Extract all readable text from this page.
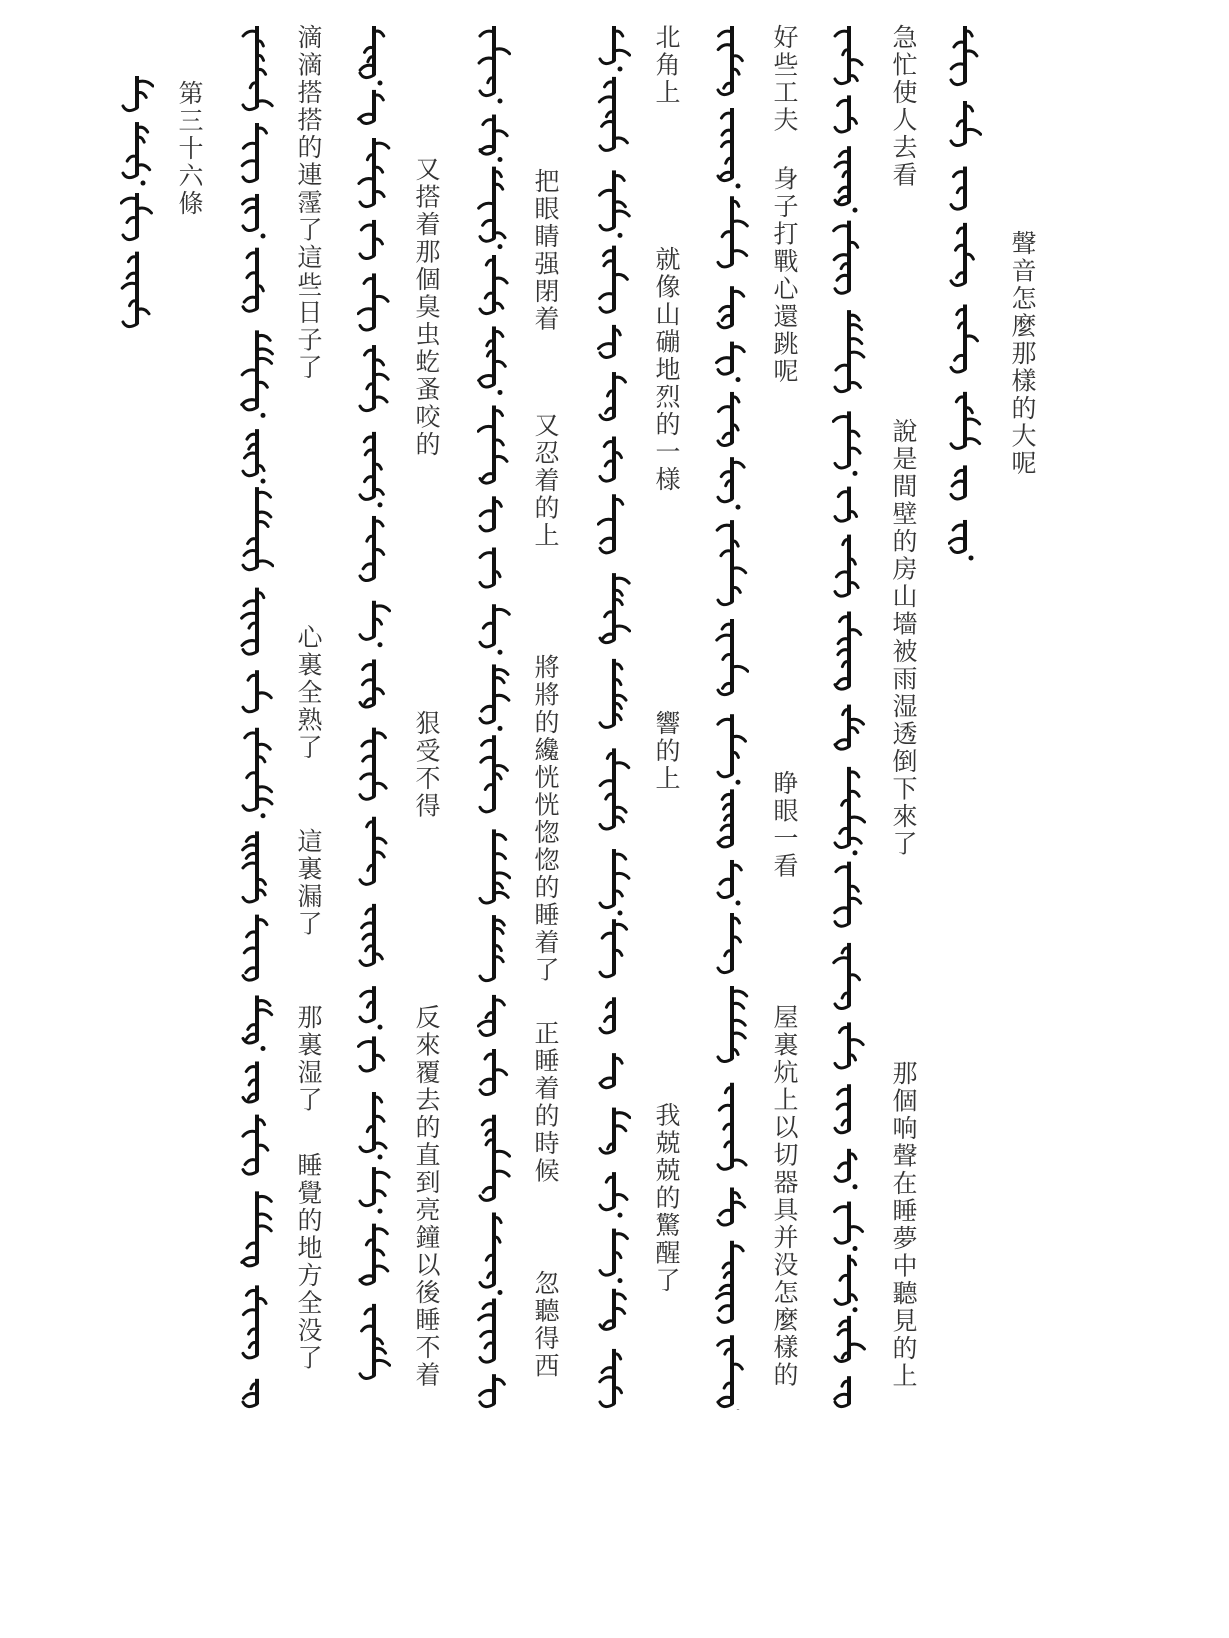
聲音怎麼那樣的大呢
急忙使人去看
說是間壁的房山墻被雨湿透倒下來了
那個响聲在睡夢中聽見的上
好些工夫 身子打戰心還跳呢
睁眼一看
屋裏炕上以切器具并没怎麼樣的
北角上
就像山磞地烈的一様
響的上
我兢兢的驚醒了
把眼睛强閉着
又忍着的上
將將的纔恍恍惚惚的睡着了
正睡着的時候
忽聽得西
又搭着那個臭虫虼蚤咬的
狠受不得
反來覆去的直到亮鐘以後睡不着
滴滴搭搭的連霪了這些日子了
心裏全熟了
這裏漏了
那裏湿了
睡覺的地方全没了
第三十六條
